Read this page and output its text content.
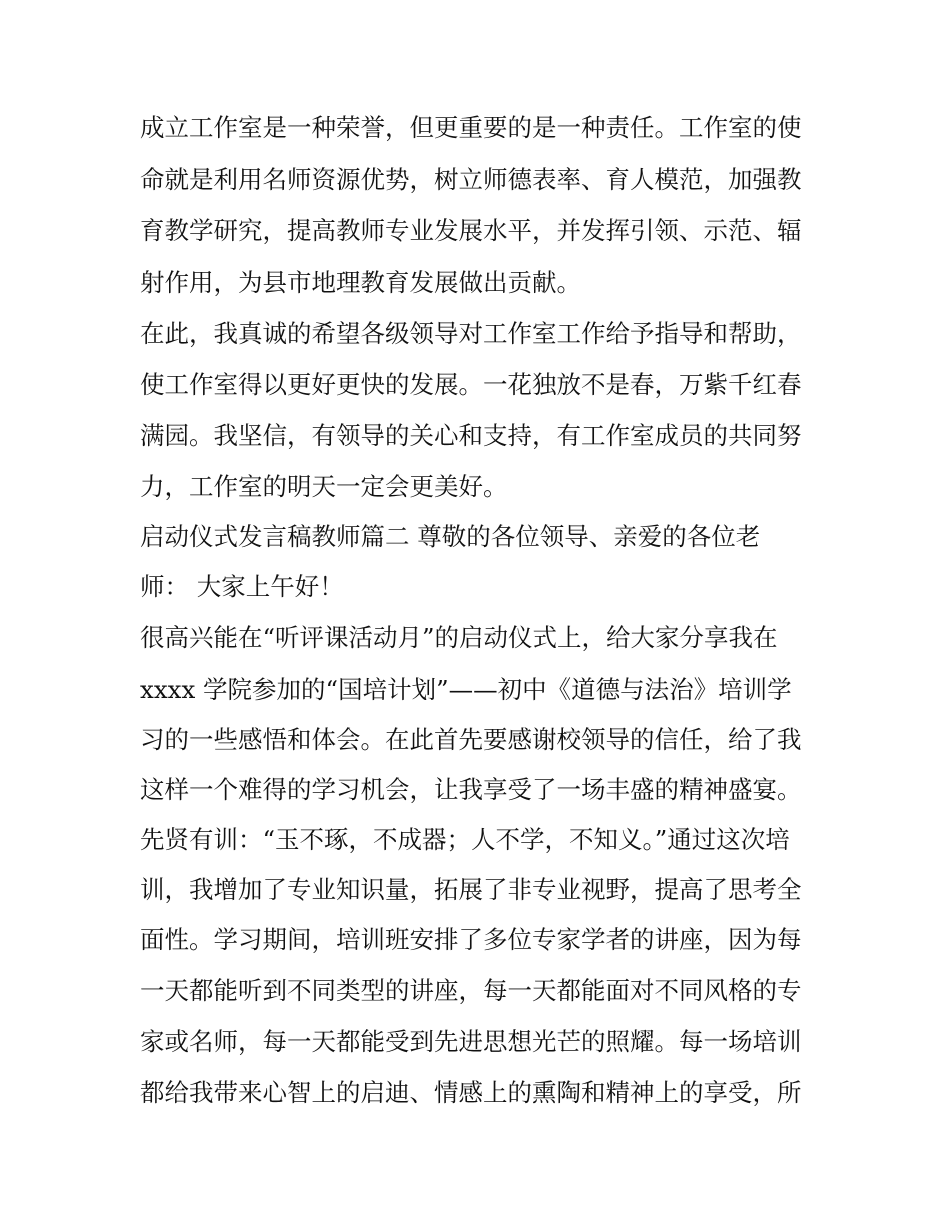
成立工作室是一种荣誉，但更重要的是一种责任。工作室的使
命就是利用名师资源优势，树立师德表率、育人模范，加强教
育教学研究，提高教师专业发展水平，并发挥引领、示范、辐
射作用，为县市地理教育发展做出贡献。
在此，我真诚的希望各级领导对工作室工作给予指导和帮助，
使工作室得以更好更快的发展。一花独放不是春，万紫千红春
满园。我坚信，有领导的关心和支持，有工作室成员的共同努
力，工作室的明天一定会更美好。
启动仪式发言稿教师篇二 尊敬的各位领导、亲爱的各位老
师： 大家上午好！
很高兴能在“听评课活动月”的启动仪式上，给大家分享我在
xxxx 学院参加的“国培计划”——初中《道德与法治》培训学
习的一些感悟和体会。在此首先要感谢校领导的信任，给了我
这样一个难得的学习机会，让我享受了一场丰盛的精神盛宴。
先贤有训：“玉不琢，不成器；人不学，不知义。”通过这次培
训，我增加了专业知识量，拓展了非专业视野，提高了思考全
面性。学习期间，培训班安排了多位专家学者的讲座，因为每
一天都能听到不同类型的讲座，每一天都能面对不同风格的专
家或名师，每一天都能受到先进思想光芒的照耀。每一场培训
都给我带来心智上的启迪、情感上的熏陶和精神上的享受，所
